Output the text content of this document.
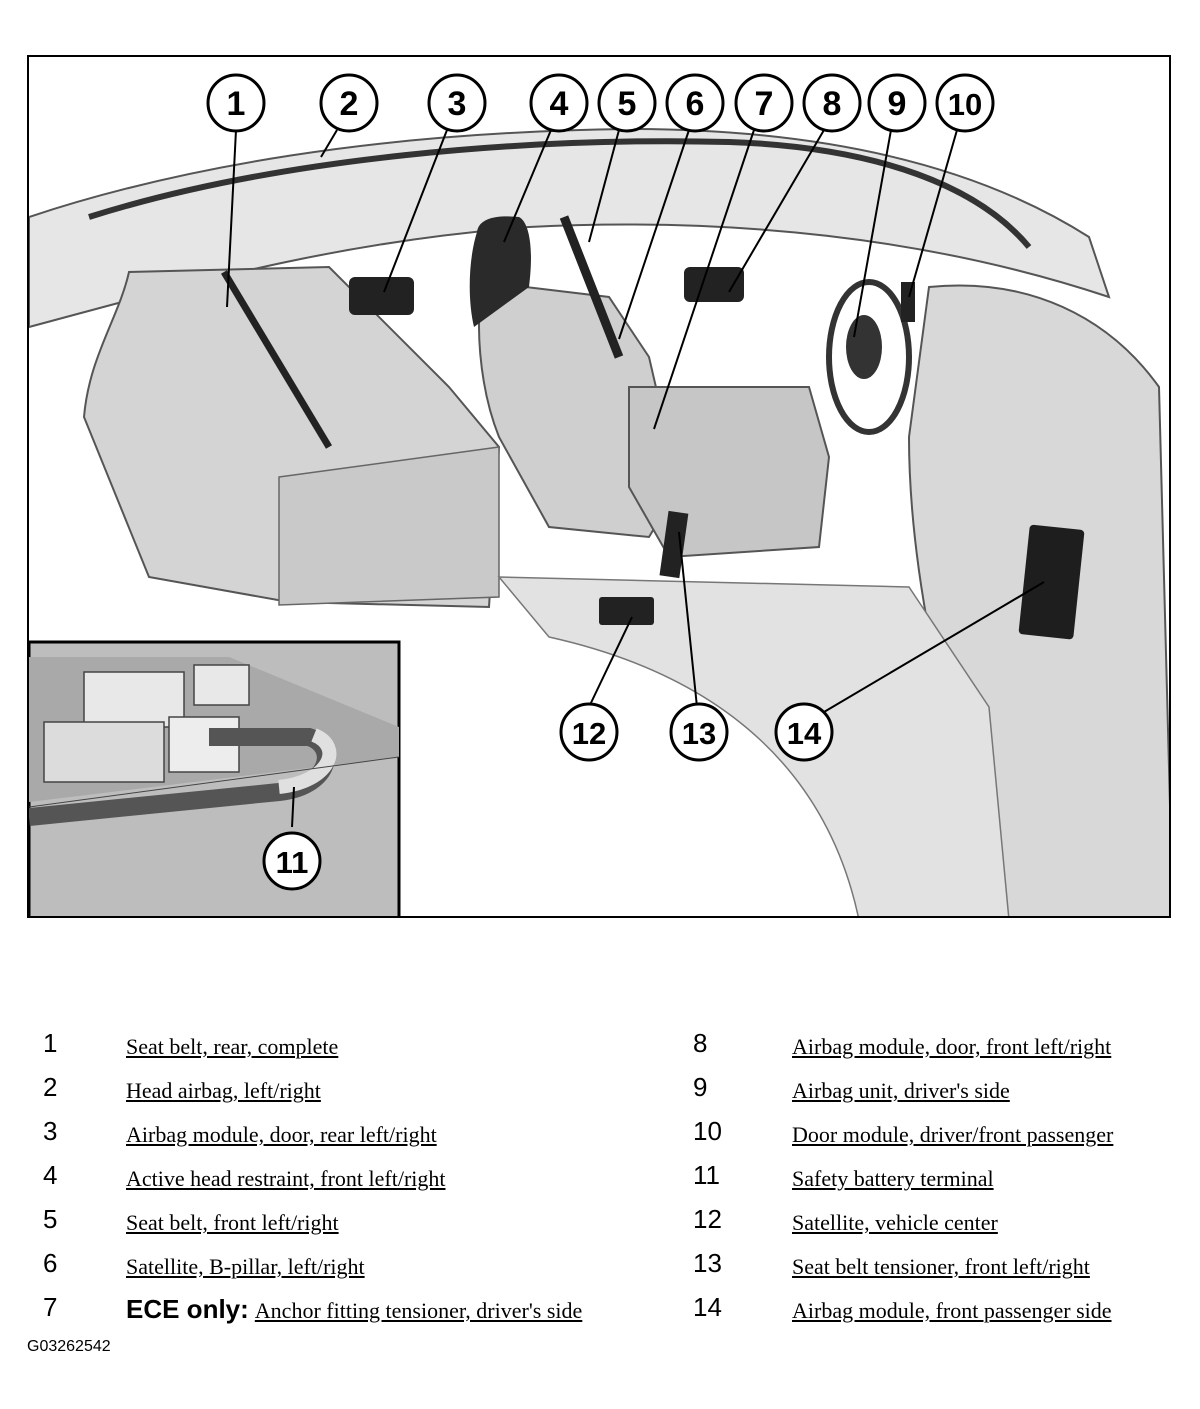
1	2	3 4 5 6 7 8 9 10
11
12 13 14
1	Seat belt, rear, complete
2	Head airbag, left/right
3	Airbag module, door, rear left/right
4	Active head restraint, front left/right
5	Seat belt, front left/right
6	Satellite, B-pillar, left/right
7	ECE only: Anchor fitting tensioner, driver's side
8	Airbag module, door, front left/right
9	Airbag unit, driver's side
10	Door module, driver/front passenger
11	Safety battery terminal
12	Satellite, vehicle center
13	Seat belt tensioner, front left/right
14	Airbag module, front passenger side
G03262542
